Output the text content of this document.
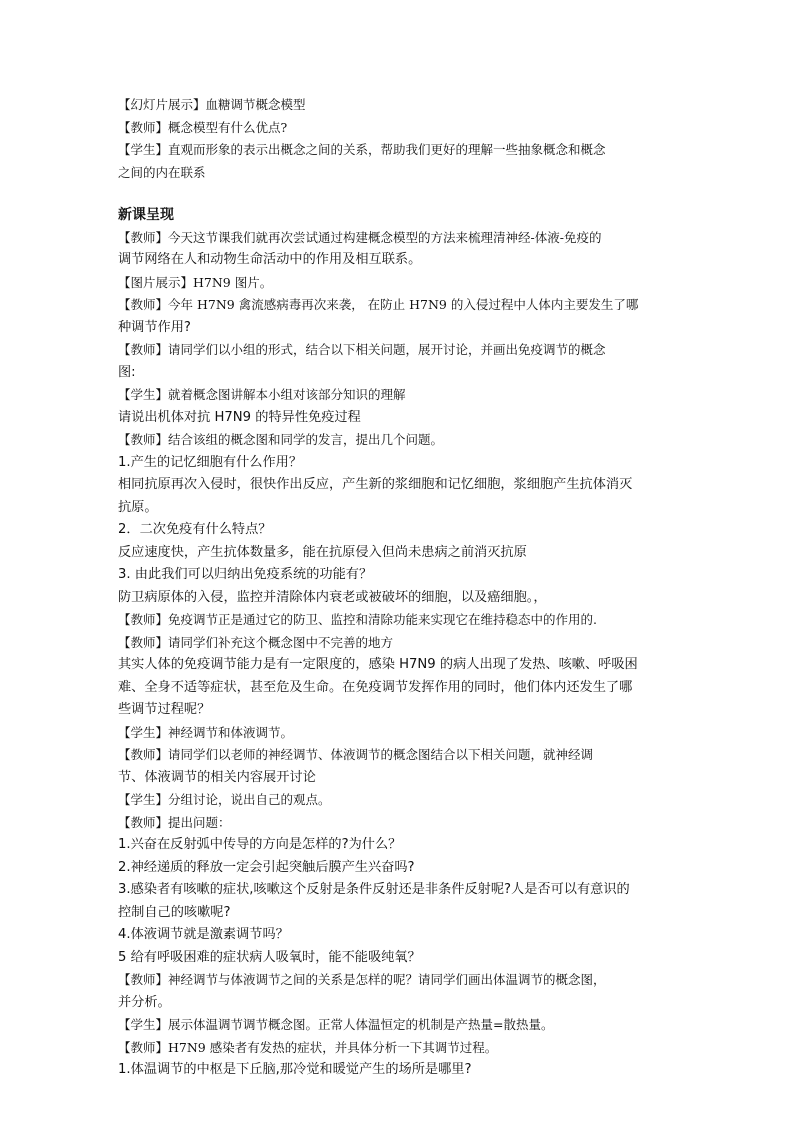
【幻灯片展示】血糖调节概念模型
【教师】概念模型有什么优点?
【学生】直观而形象的表示出概念之间的关系，帮助我们更好的理解一些抽象概念和概念
之间的内在联系
新课呈现
【教师】今天这节课我们就再次尝试通过构建概念模型的方法来梳理清神经-体液-免疫的
调节网络在人和动物生命活动中的作用及相互联系。
【图片展示】H7N9 图片。
【教师】今年 H7N9 禽流感病毒再次来袭， 在防止 H7N9 的入侵过程中人体内主要发生了哪
种调节作用?
【教师】请同学们以小组的形式，结合以下相关问题，展开讨论，并画出免疫调节的概念
图:
【学生】就着概念图讲解本小组对该部分知识的理解
请说出机体对抗 H7N9 的特异性免疫过程
【教师】结合该组的概念图和同学的发言，提出几个问题。
1.产生的记忆细胞有什么作用？
相同抗原再次入侵时，很快作出反应，产生新的浆细胞和记忆细胞，浆细胞产生抗体消灭
抗原。
2．二次免疫有什么特点？
反应速度快，产生抗体数量多，能在抗原侵入但尚未患病之前消灭抗原
3. 由此我们可以归纳出免疫系统的功能有？
防卫病原体的入侵，监控并清除体内衰老或被破坏的细胞，以及癌细胞。，
【教师】免疫调节正是通过它的防卫、监控和清除功能来实现它在维持稳态中的作用的.
【教师】请同学们补充这个概念图中不完善的地方
其实人体的免疫调节能力是有一定限度的，感染 H7N9 的病人出现了发热、咳嗽、呼吸困
难、全身不适等症状，甚至危及生命。在免疫调节发挥作用的同时，他们体内还发生了哪
些调节过程呢？
【学生】神经调节和体液调节。
【教师】请同学们以老师的神经调节、体液调节的概念图结合以下相关问题，就神经调
节、体液调节的相关内容展开讨论
【学生】分组讨论，说出自己的观点。
【教师】提出问题：
1.兴奋在反射弧中传导的方向是怎样的?为什么？
2.神经递质的释放一定会引起突触后膜产生兴奋吗?
3.感染者有咳嗽的症状,咳嗽这个反射是条件反射还是非条件反射呢?人是否可以有意识的
控制自己的咳嗽呢?
4.体液调节就是激素调节吗？
5 给有呼吸困难的症状病人吸氧时，能不能吸纯氧？
【教师】神经调节与体液调节之间的关系是怎样的呢？请同学们画出体温调节的概念图，
并分析。
【学生】展示体温调节调节概念图。正常人体温恒定的机制是产热量=散热量。
【教师】H7N9 感染者有发热的症状，并具体分析一下其调节过程。
1.体温调节的中枢是下丘脑,那冷觉和暖觉产生的场所是哪里?
